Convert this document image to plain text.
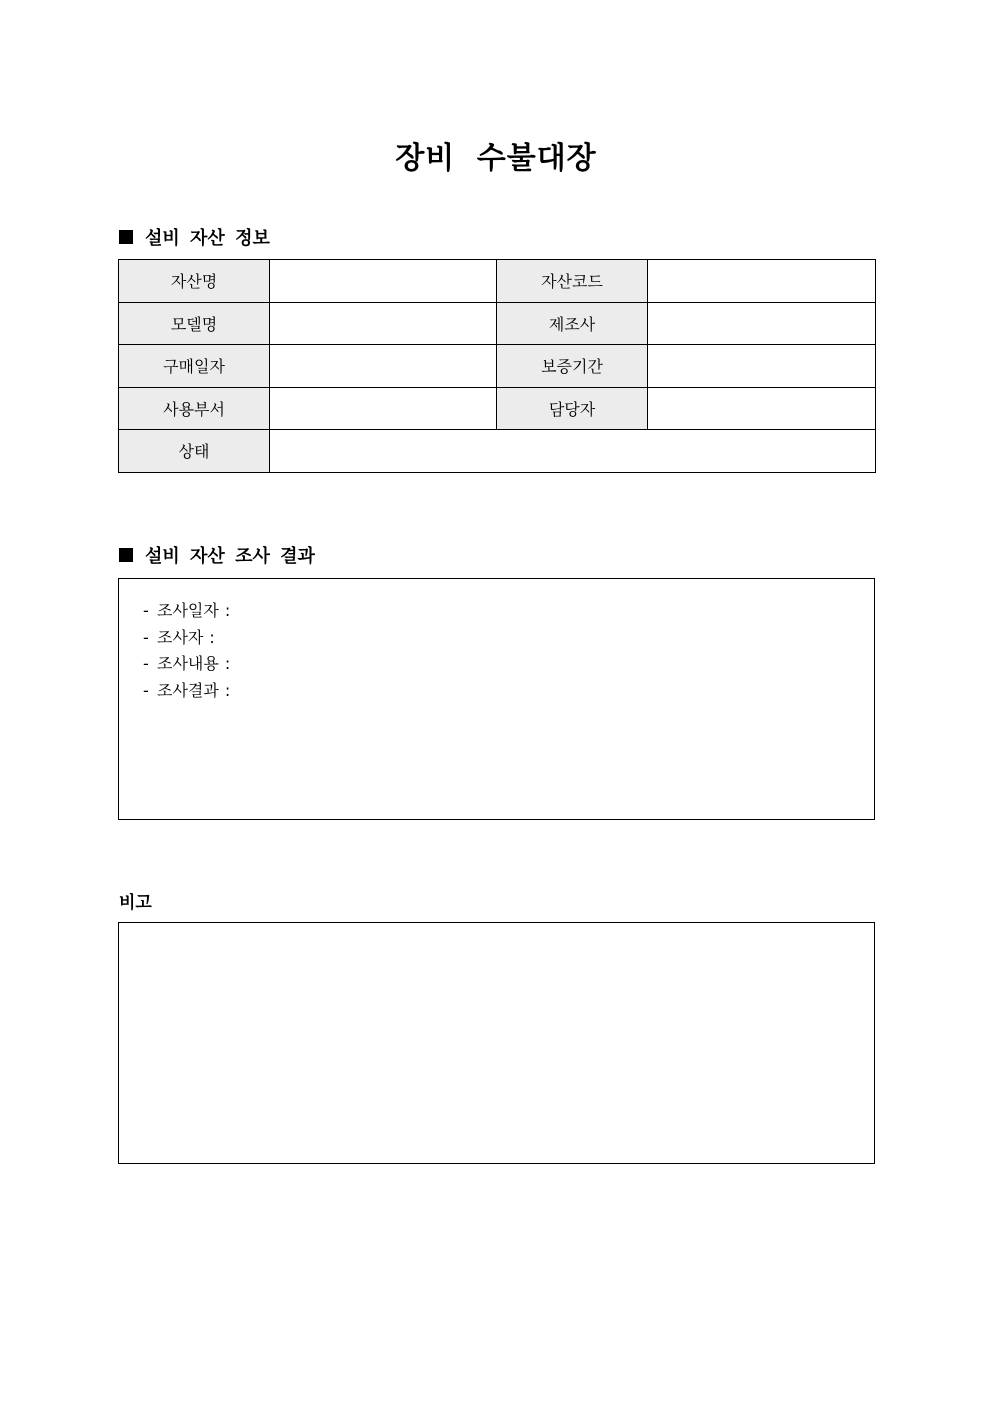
장비 수불대장
설비 자산 정보
자산명		자산코드	
모델명		제조사	
구매일자		보증기간	
사용부서		담당자	
상태			
설비 자산 조사 결과
- 조사일자 :
- 조사자 :
- 조사내용 :
- 조사결과 :
비고
